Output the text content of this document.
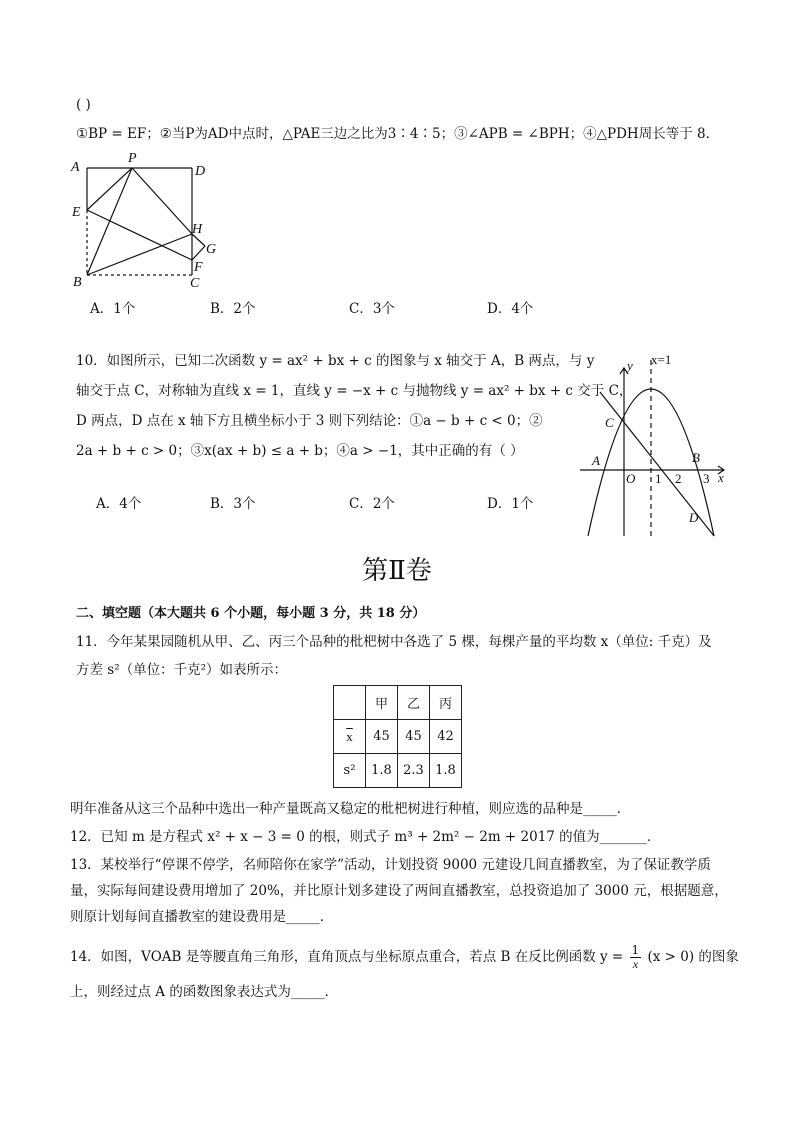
( )
①BP = EF；②当P为AD中点时，△PAE三边之比为3∶4∶5；③∠APB = ∠BPH；④△PDH周长等于 8．
A
P
D
E
H
G
F
B	C
A．1个	B．2个	C．3个	D．4个
10．如图所示，已知二次函数 y = ax² + bx + c 的图象与 x 轴交于 A，B 两点，与 y
轴交于点 C，对称轴为直线 x = 1，直线 y = −x + c 与抛物线 y = ax² + bx + c 交于 C，
D 两点，D 点在 x 轴下方且横坐标小于 3 则下列结论：①a − b + c < 0；②
2a + b + c > 0；③x(ax + b) ≤ a + b；④a > −1，其中正确的有（ ）
x=1
y
x
C
A
O 1 2 3
B
D
A．4个	B．3个	C．2个	D．1个
第Ⅱ卷
二、填空题（本大题共 6 个小题，每小题 3 分，共 18 分）
11．今年某果园随机从甲、乙、丙三个品种的枇杷树中各选了 5 棵，每棵产量的平均数 x（单位: 千克）及
方差 s²（单位：千克²）如表所示：
	甲	乙	丙
$\overline{x}$	45	45	42
s²	1.8	2.3	1.8
明年准备从这三个品种中选出一种产量既高又稳定的枇杷树进行种植，则应选的品种是_____．
12．已知 m 是方程式 x² + x − 3 = 0 的根，则式子 m³ + 2m² − 2m + 2017 的值为_______．
13．某校举行“停课不停学，名师陪你在家学”活动，计划投资 9000 元建设几间直播教室，为了保证教学质
量，实际每间建设费用增加了 20%，并比原计划多建设了两间直播教室，总投资追加了 3000 元，根据题意，
则原计划每间直播教室的建设费用是_____．
14．如图，VOAB 是等腰直角三角形，直角顶点与坐标原点重合，若点 B 在反比例函数 $y = \frac{1}{x} (x > 0)$ 的图象
上，则经过点 A 的函数图象表达式为_____．
